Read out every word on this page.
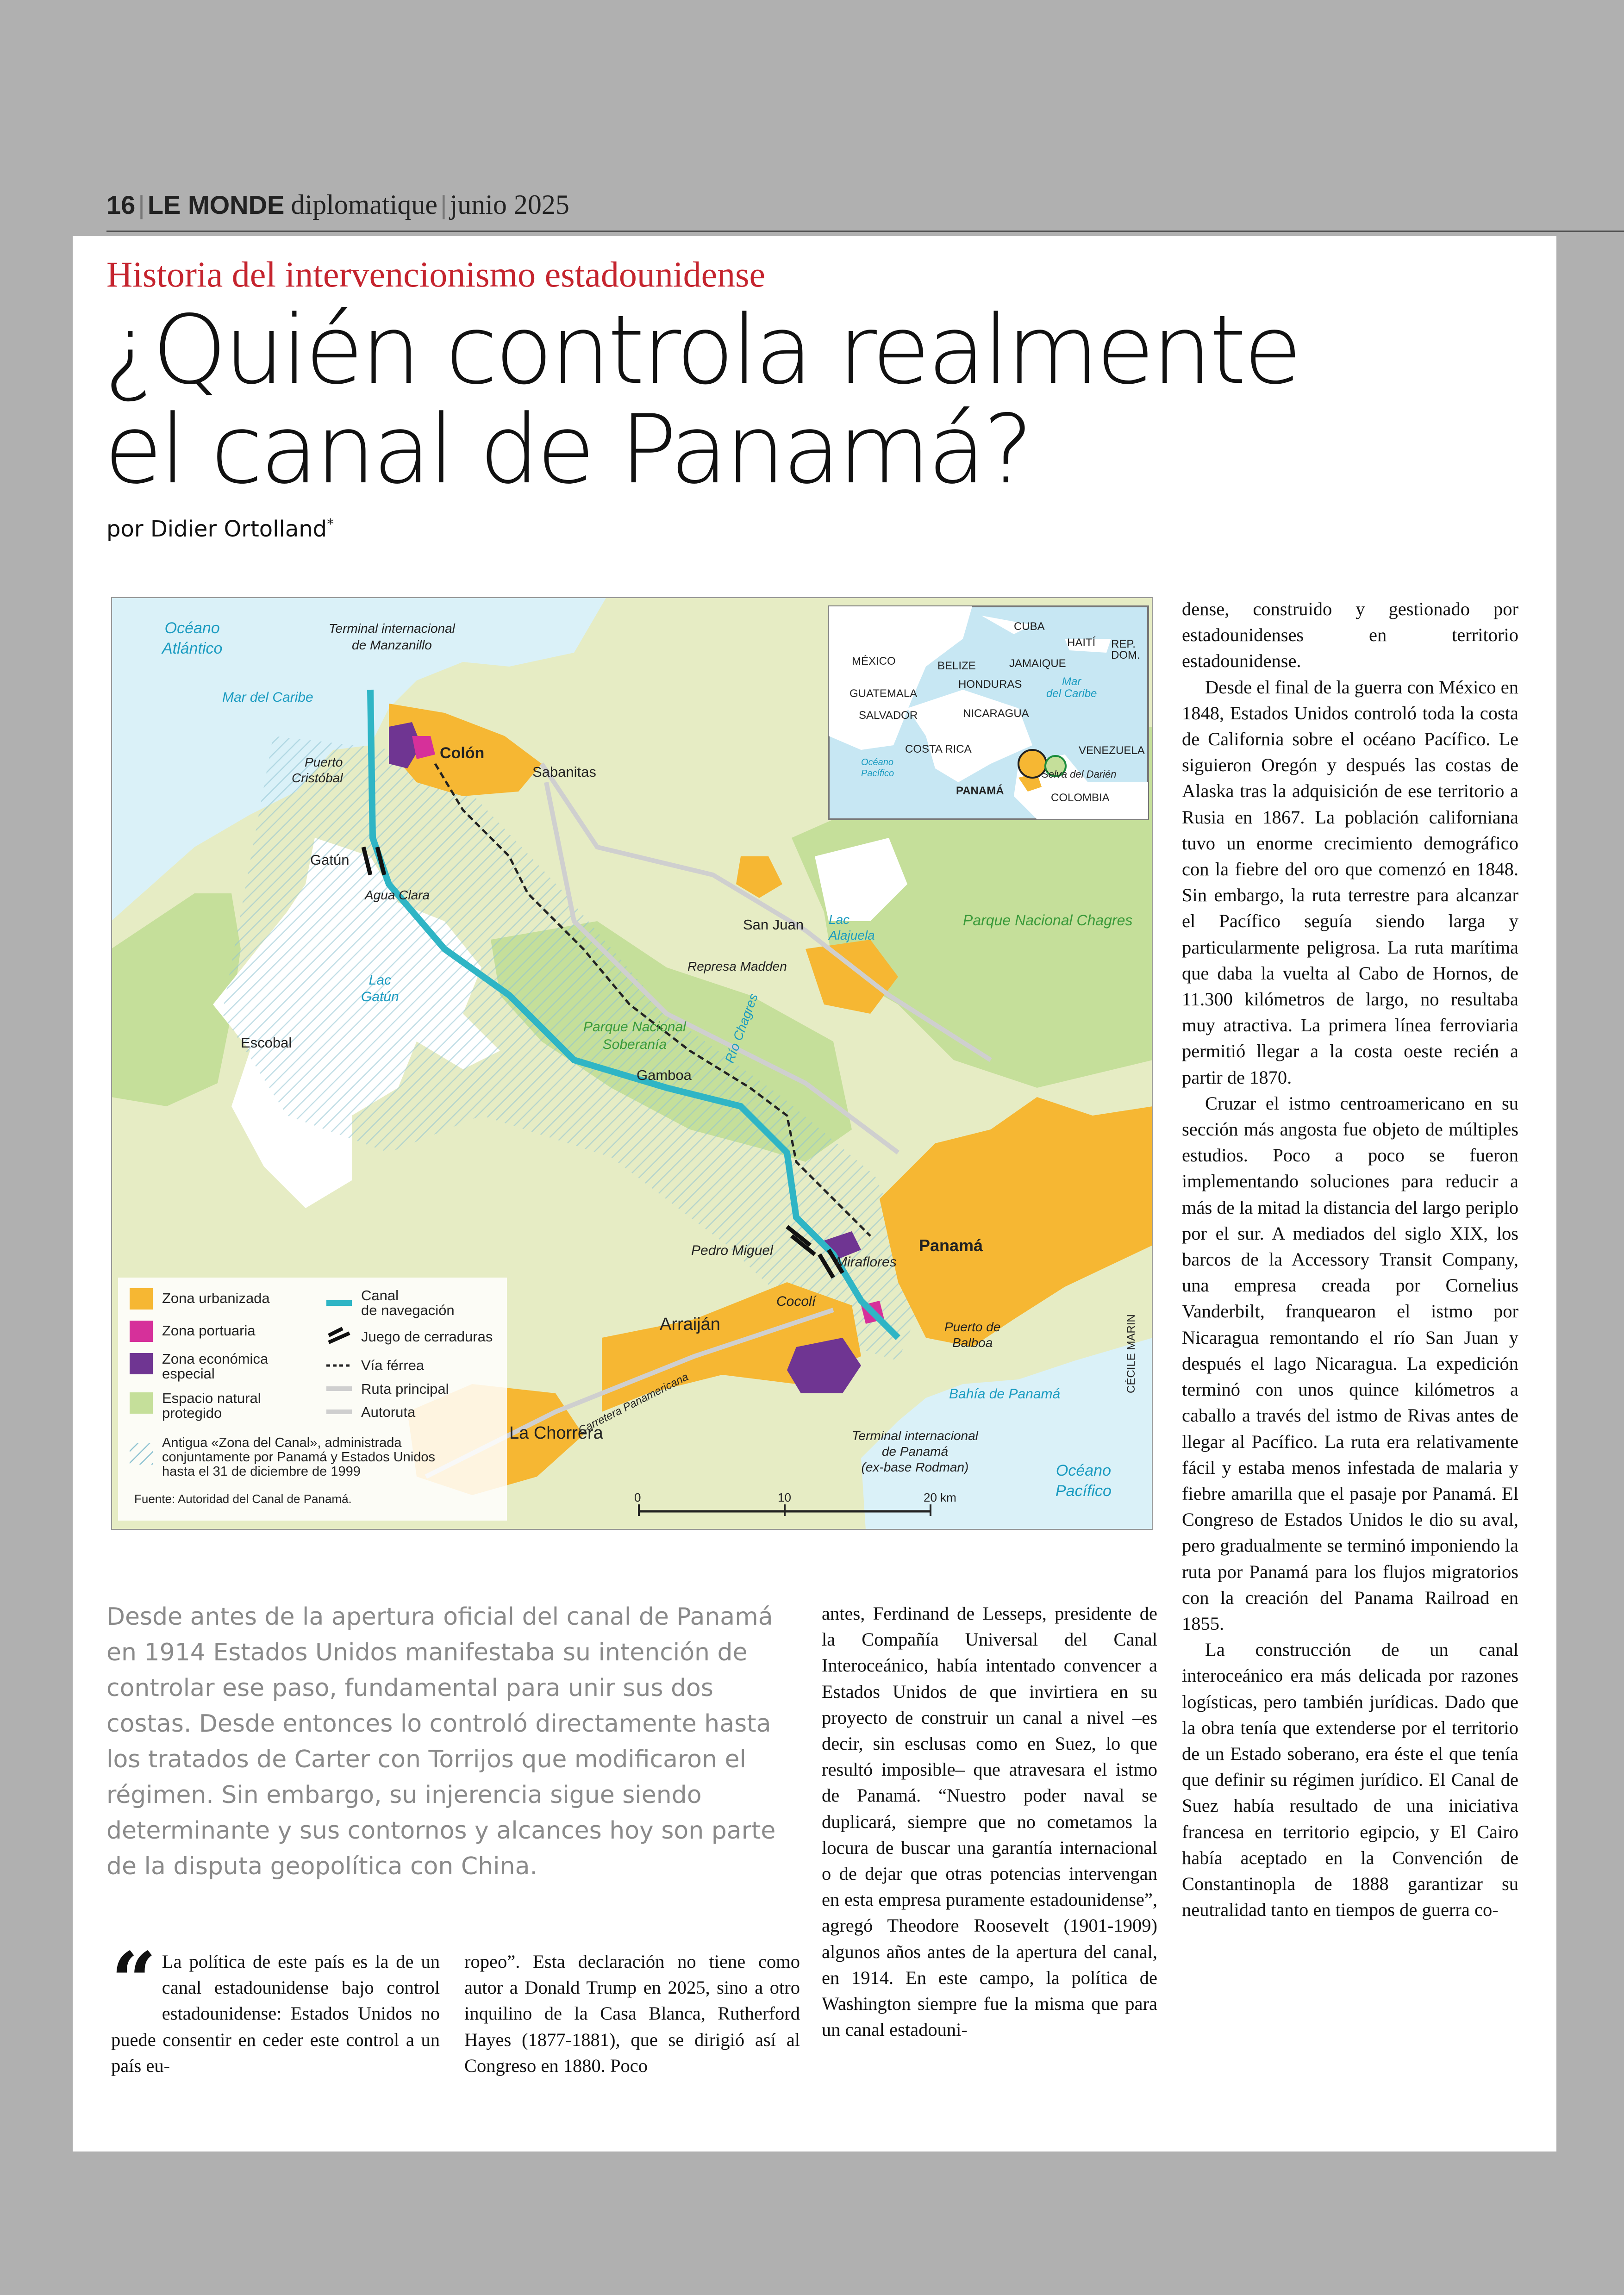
16 | LE MONDE diplomatique | junio 2025
Historia del intervencionismo estadounidense
¿Quién controla realmente
el canal de Panamá?
por Didier Ortolland*
Océano
Atlántico
Mar del Caribe
Terminal internacional
de Manzanillo
Colón
Sabanitas
Puerto
Cristóbal
Gatún
Agua Clara
Lac
Gatún
Escobal
San Juan Lac
Alajuela
Represa Madden
Parque Nacional Chagres
Parque Nacional
Soberanía
Gamboa
Río Chagres
Pedro Miguel
Miraflores
Panamá
Cocolí
Arraiján	Puerto de
Balboa
Bahía de Panamá
La Chorrera
Carretera Panamericana	Terminal internacional
de Panamá
(ex-base Rodman)	Océano
Pacífico
CÉCILE MARIN
Zona urbanizada
Zona portuaria
Zona económica
especial
Espacio natural
protegido
Canal
de navegación
Juego de cerraduras
Vía férrea
Ruta principal
Autoruta
Antigua «Zona del Canal», administrada
conjuntamente por Panamá y Estados Unidos
hasta el 31 de diciembre de 1999
Fuente: Autoridad del Canal de Panamá.	0	10	20 km
MÉXICO
CUBA
HAITÍ REP.
DOM.
BELIZE	JAMAIQUE
HONDURAS	Mar
del Caribe
GUATEMALA
SALVADOR	NICARAGUA
COSTA RICA	VENEZUELA
Océano
Pacífico
PANAMÁ
Selva del Darién
COLOMBIA
Desde antes de la apertura oficial del canal de Panamá en 1914 Estados Unidos manifestaba su intención de controlar ese paso, fundamental para unir sus dos costas. Desde entonces lo controló directamente hasta los tratados de Carter con Torrijos que modificaron el régimen. Sin embargo, su injerencia sigue siendo determinante y sus contornos y alcances hoy son parte de la disputa geopolítica con China.

“ La política de este país es la de un canal estadounidense bajo control estadounidense: Estados Unidos no puede consentir en ceder este control a un país eu-

ropeo”. Esta declaración no tiene como autor a Donald Trump en 2025, sino a otro inquilino de la Casa Blanca, Rutherford Hayes (1877-1881), que se dirigió así al Congreso en 1880. Poco

antes, Ferdinand de Lesseps, presidente de la Compañía Universal del Canal Interoceánico, había intentado convencer a Estados Unidos de que invirtiera en su proyecto de construir un canal a nivel –es decir, sin esclusas como en Suez, lo que resultó imposible– que atravesara el istmo de Panamá. “Nuestro poder naval se duplicará, siempre que no cometamos la locura de buscar una garantía internacional o de dejar que otras potencias intervengan en esta empresa puramente estadounidense”, agregó Theodore Roosevelt (1901-1909) algunos años antes de la apertura del canal, en 1914. En este campo, la política de Washington siempre fue la misma que para un canal estadouni-

dense, construido y gestionado por estadounidenses en territorio estadounidense.

Desde el final de la guerra con México en 1848, Estados Unidos controló toda la costa de California sobre el océano Pacífico. Le siguieron Oregón y después las costas de Alaska tras la adquisición de ese territorio a Rusia en 1867. La población californiana tuvo un enorme crecimiento demográfico con la fiebre del oro que comenzó en 1848. Sin embargo, la ruta terrestre para alcanzar el Pacífico seguía siendo larga y particularmente peligrosa. La ruta marítima que daba la vuelta al Cabo de Hornos, de 11.300 kilómetros de largo, no resultaba muy atractiva. La primera línea ferroviaria permitió llegar a la costa oeste recién a partir de 1870.

Cruzar el istmo centroamericano en su sección más angosta fue objeto de múltiples estudios. Poco a poco se fueron implementando soluciones para reducir a más de la mitad la distancia del largo periplo por el sur. A mediados del siglo XIX, los barcos de la Accessory Transit Company, una empresa creada por Cornelius Vanderbilt, franquearon el istmo por Nicaragua remontando el río San Juan y después el lago Nicaragua. La expedición terminó con unos quince kilómetros a caballo a través del istmo de Rivas antes de llegar al Pacífico. La ruta era relativamente fácil y estaba menos infestada de malaria y fiebre amarilla que el pasaje por Panamá. El Congreso de Estados Unidos le dio su aval, pero gradualmente se terminó imponiendo la ruta por Panamá para los flujos migratorios con la creación del Panama Railroad en 1855.

La construcción de un canal interoceánico era más delicada por razones logísticas, pero también jurídicas. Dado que la obra tenía que extenderse por el territorio de un Estado soberano, era éste el que tenía que definir su régimen jurídico. El Canal de Suez había resultado de una iniciativa francesa en territorio egipcio, y El Cairo había aceptado en la Convención de Constantinopla de 1888 garantizar su neutralidad tanto en tiempos de guerra co-
